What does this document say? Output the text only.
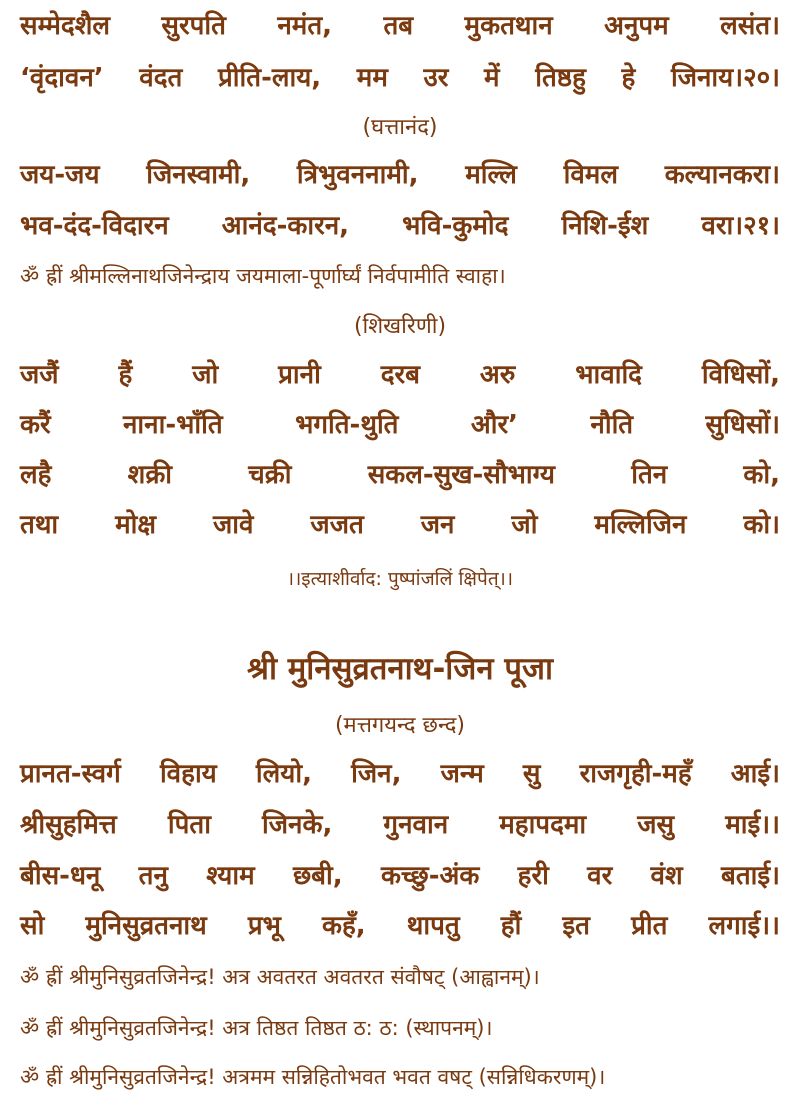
सम्मेदशैल सुरपति नमंत, तब मुकतथान अनुपम लसंत।
‘वृंदावन’ वंदत प्रीति-लाय, मम उर में तिष्ठहु हे जिनाय।२०।
(घत्तानंद)
जय-जय जिनस्वामी, त्रिभुवननामी, मल्लि विमल कल्यानकरा।
भव-दंद-विदारन आनंद-कारन, भवि-कुमोद निशि-ईश वरा।२१।
ॐ ह्रीं श्रीमल्लिनाथजिनेन्द्राय जयमाला-पूर्णार्घ्यं निर्वपामीति स्वाहा।
(शिखरिणी)
जजैं हैं जो प्रानी दरब अरु भावादि विधिसों,
करैं नाना-भाँति भगति-थुति और’ नौति सुधिसों।
लहै शक्री चक्री सकल-सुख-सौभाग्य तिन को,
तथा मोक्ष जावे जजत जन जो मल्लिजिन को।
।।इत्याशीर्वाद: पुष्पांजलिं क्षिपेत्।।
श्री मुनिसुव्रतनाथ-जिन पूजा
(मत्तगयन्द छन्द)
प्रानत-स्वर्ग विहाय लियो, जिन, जन्म सु राजगृही-महँ आई।
श्रीसुहमित्त पिता जिनके, गुनवान महापदमा जसु माई।।
बीस-धनू तनु श्याम छबी, कच्छु-अंक हरी वर वंश बताई।
सो मुनिसुव्रतनाथ प्रभू कहँ, थापतु हौं इत प्रीत लगाई।।
ॐ ह्रीं श्रीमुनिसुव्रतजिनेन्द्र! अत्र अवतरत अवतरत संवौषट् (आह्वानम्)।
ॐ ह्रीं श्रीमुनिसुव्रतजिनेन्द्र! अत्र तिष्ठत तिष्ठत ठ: ठ: (स्थापनम्)।
ॐ ह्रीं श्रीमुनिसुव्रतजिनेन्द्र! अत्रमम सन्निहितोभवत भवत वषट् (सन्निधिकरणम्)।
